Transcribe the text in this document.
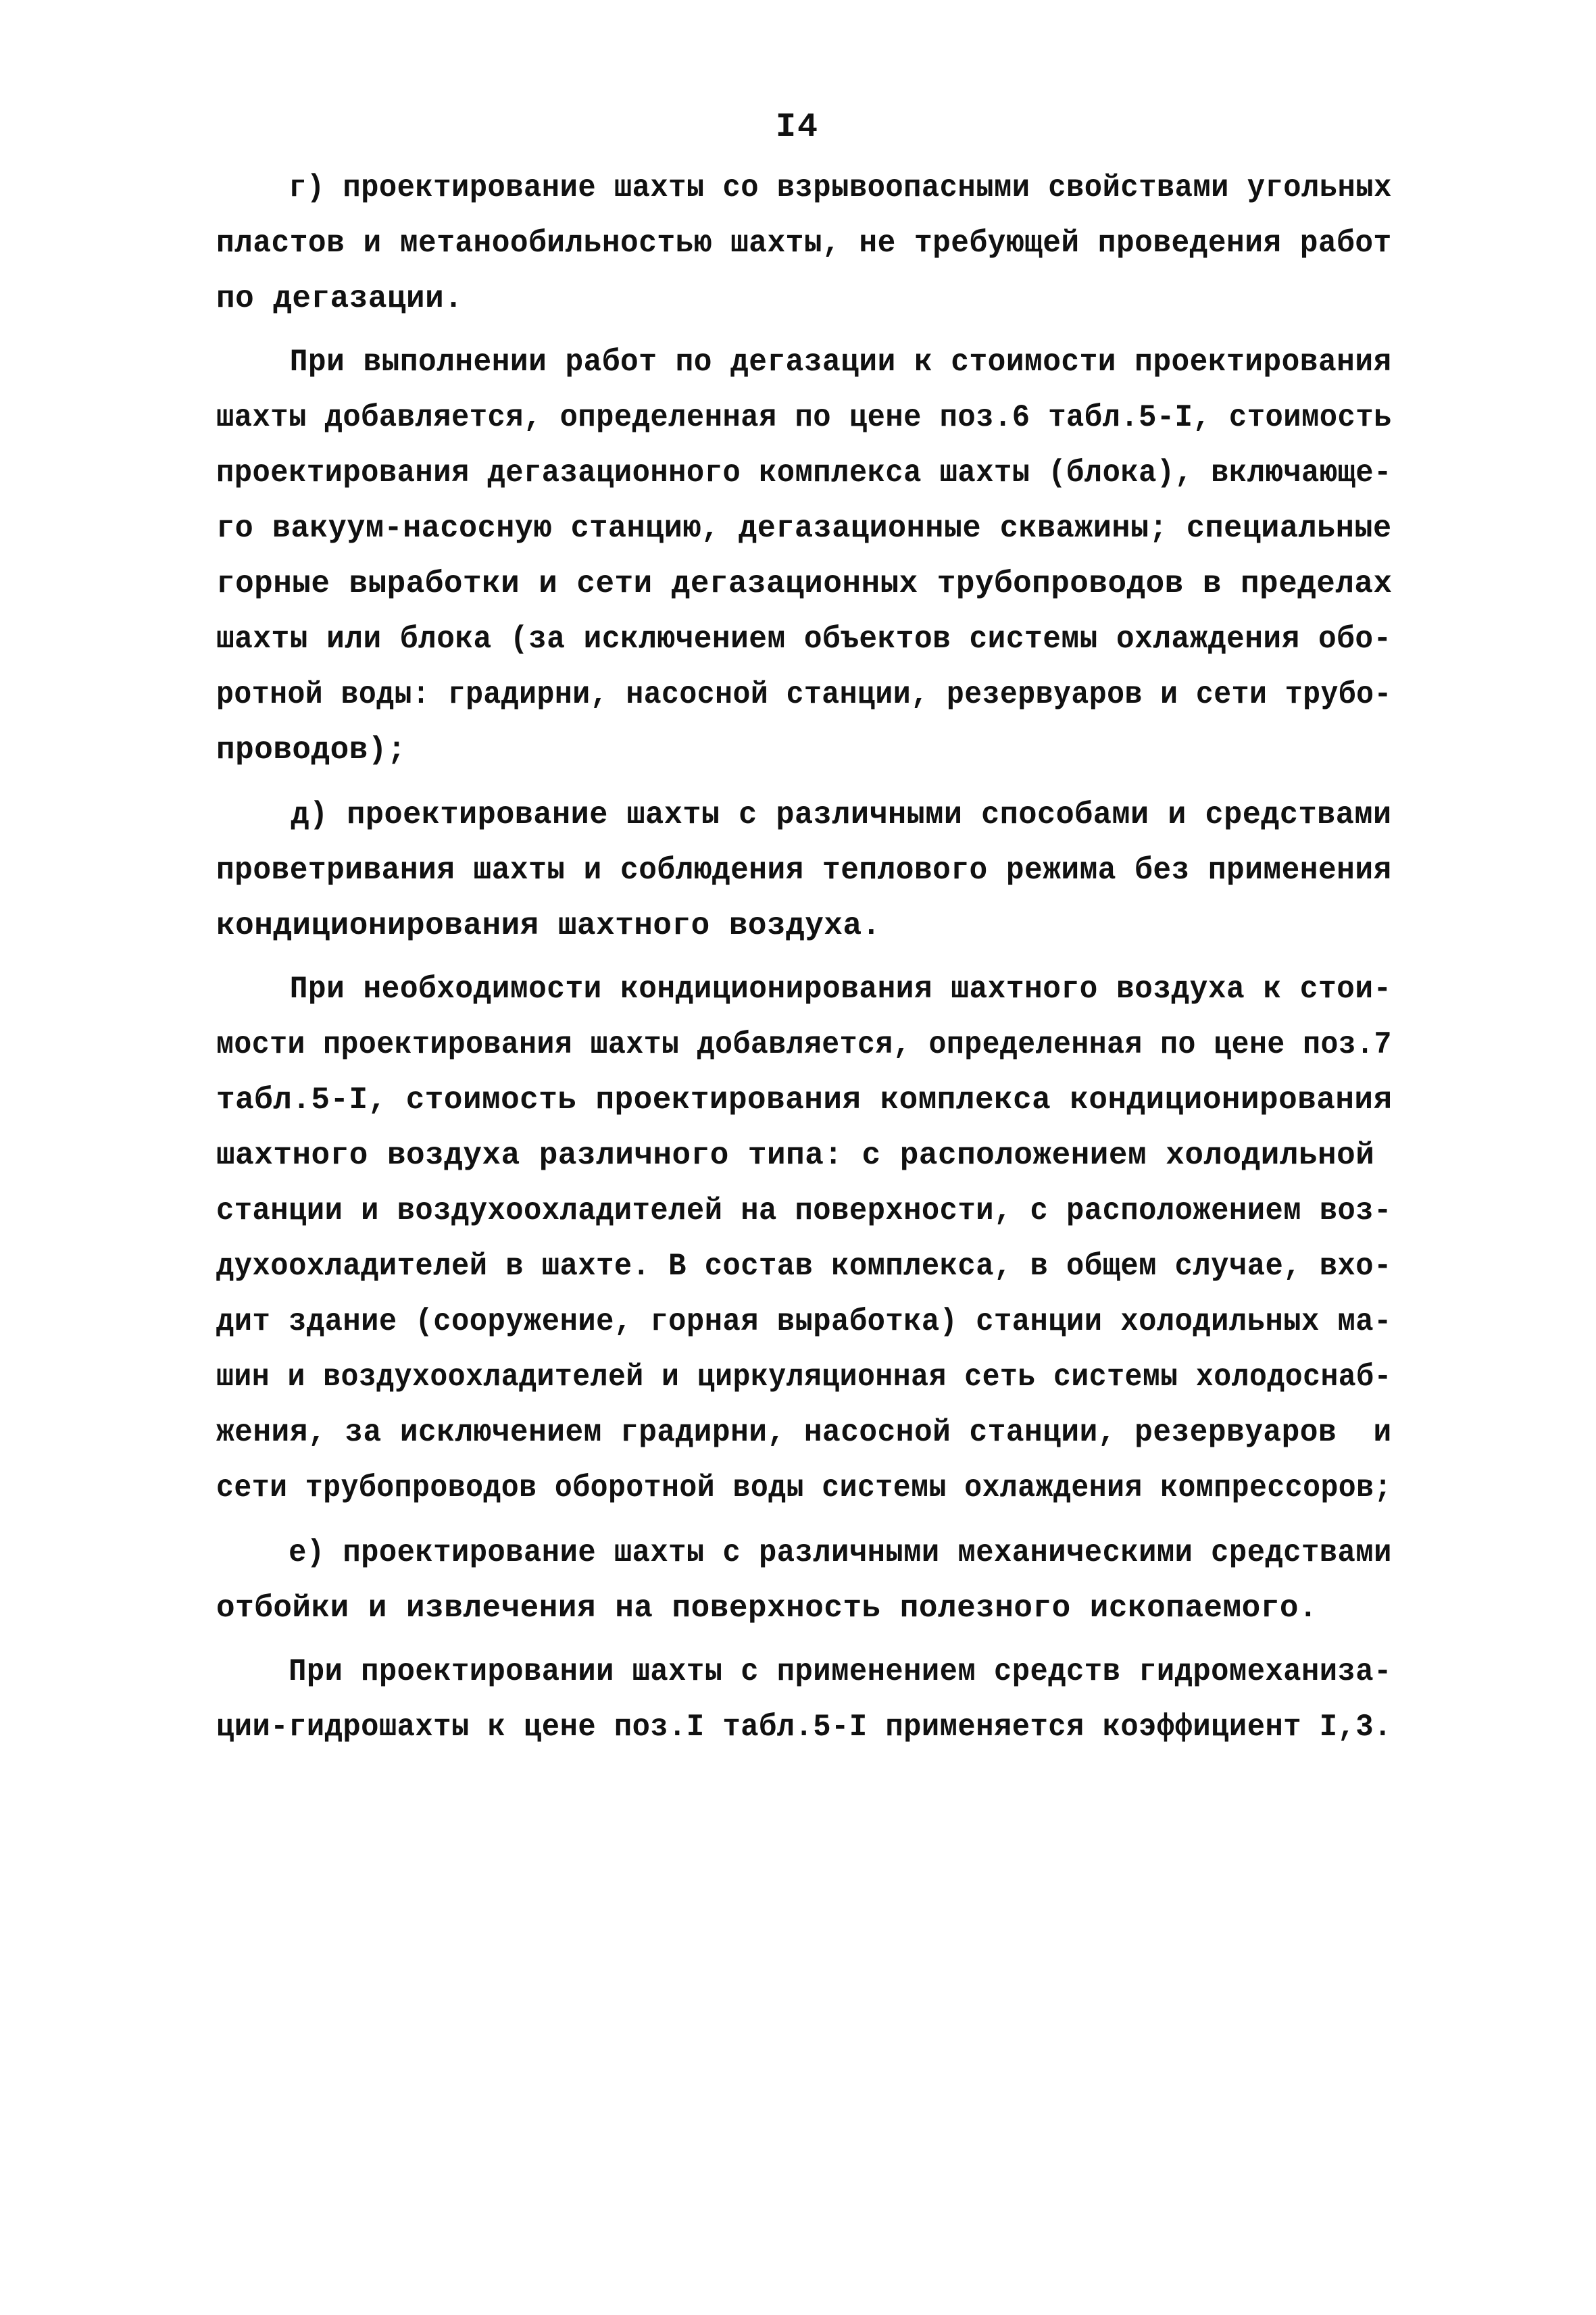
I4
г) проектирование шахты со взрывоопасными свойствами угольных
пластов и метанообильностью шахты, не требующей проведения работ
по дегазации.
При выполнении работ по дегазации к стоимости проектирования
шахты добавляется, определенная по цене поз.6 табл.5-I, стоимость
проектирования дегазационного комплекса шахты (блока), включающе-
го вакуум-насосную станцию, дегазационные скважины; специальные
горные выработки и сети дегазационных трубопроводов в пределах
шахты или блока (за исключением объектов системы охлаждения обо-
ротной воды: градирни, насосной станции, резервуаров и сети трубо-
проводов);
д) проектирование шахты с различными способами и средствами
проветривания шахты и соблюдения теплового режима без применения
кондиционирования шахтного воздуха.
При необходимости кондиционирования шахтного воздуха к стои-
мости проектирования шахты добавляется, определенная по цене поз.7
табл.5-I, стоимость проектирования комплекса кондиционирования
шахтного воздуха различного типа: с расположением холодильной
станции и воздухоохладителей на поверхности, с расположением воз-
духоохладителей в шахте. В состав комплекса, в общем случае, вхо-
дит здание (сооружение, горная выработка) станции холодильных ма-
шин и воздухоохладителей и циркуляционная сеть системы холодоснаб-
жения, за исключением градирни, насосной станции, резервуаров  и
сети трубопроводов оборотной воды системы охлаждения компрессоров;
е) проектирование шахты с различными механическими средствами
отбойки и извлечения на поверхность полезного ископаемого.
При проектировании шахты с применением средств гидромеханиза-
ции-гидрошахты к цене поз.I табл.5-I применяется коэффициент I,3.
